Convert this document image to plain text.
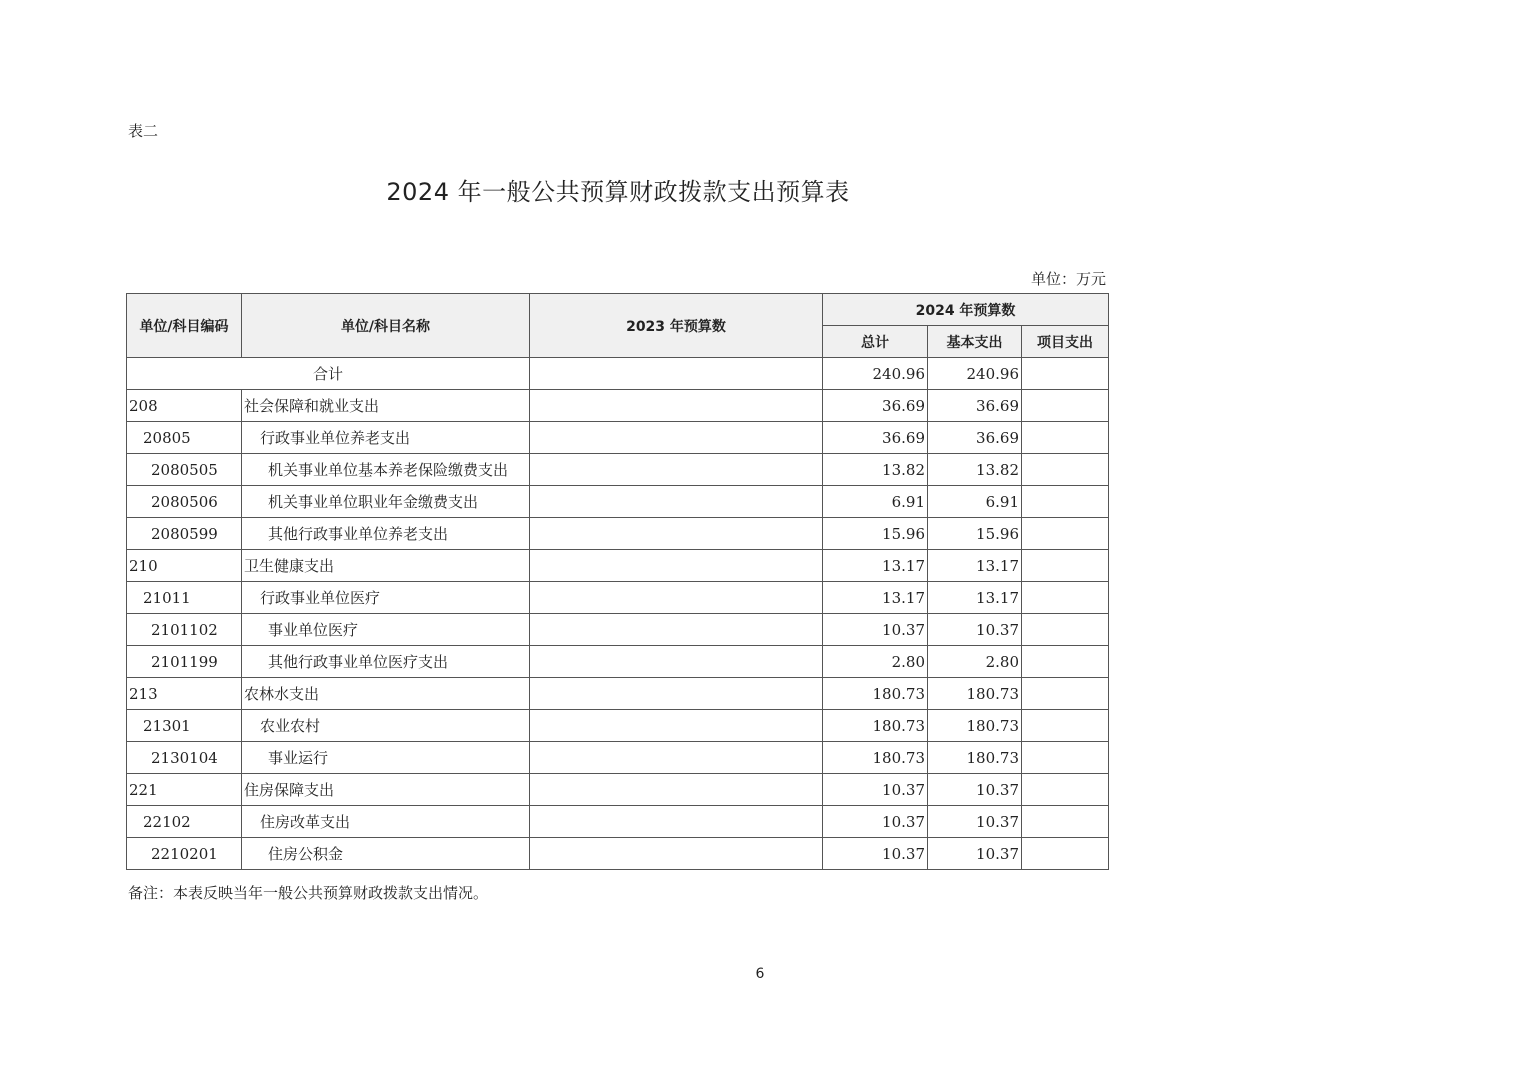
表二
2024 年一般公共预算财政拨款支出预算表
单位：万元
单位/科目编码	单位/科目名称	2023 年预算数	2024 年预算数		
			总计	基本支出	项目支出
合计			240.96	240.96	
208	社会保障和就业支出		36.69	36.69	
20805	行政事业单位养老支出		36.69	36.69	
2080505	机关事业单位基本养老保险缴费支出		13.82	13.82	
2080506	机关事业单位职业年金缴费支出		6.91	6.91	
2080599	其他行政事业单位养老支出		15.96	15.96	
210	卫生健康支出		13.17	13.17	
21011	行政事业单位医疗		13.17	13.17	
2101102	事业单位医疗		10.37	10.37	
2101199	其他行政事业单位医疗支出		2.80	2.80	
213	农林水支出		180.73	180.73	
21301	农业农村		180.73	180.73	
2130104	事业运行		180.73	180.73	
221	住房保障支出		10.37	10.37	
22102	住房改革支出		10.37	10.37	
2210201	住房公积金		10.37	10.37	
备注：本表反映当年一般公共预算财政拨款支出情况。
6
